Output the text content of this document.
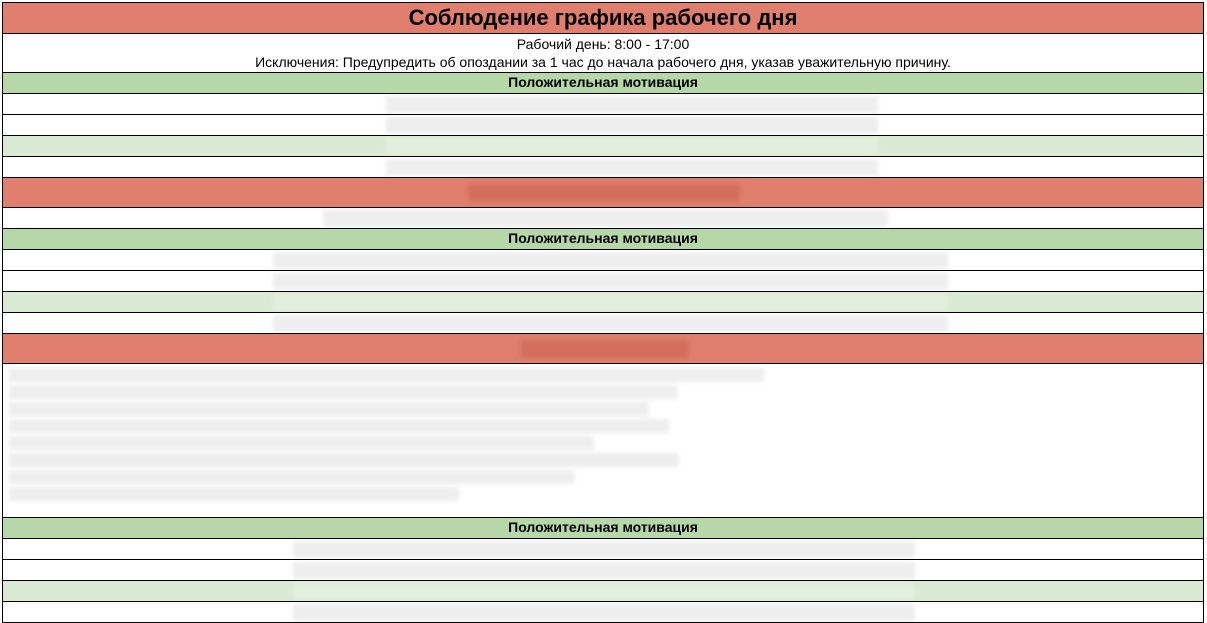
Соблюдение графика рабочего дня
Рабочий день: 8:00 - 17:00
Исключения: Предупредить об опоздании за 1 час до начала рабочего дня, указав уважительную причину.
Положительная мотивация
Положительная мотивация
Положительная мотивация
